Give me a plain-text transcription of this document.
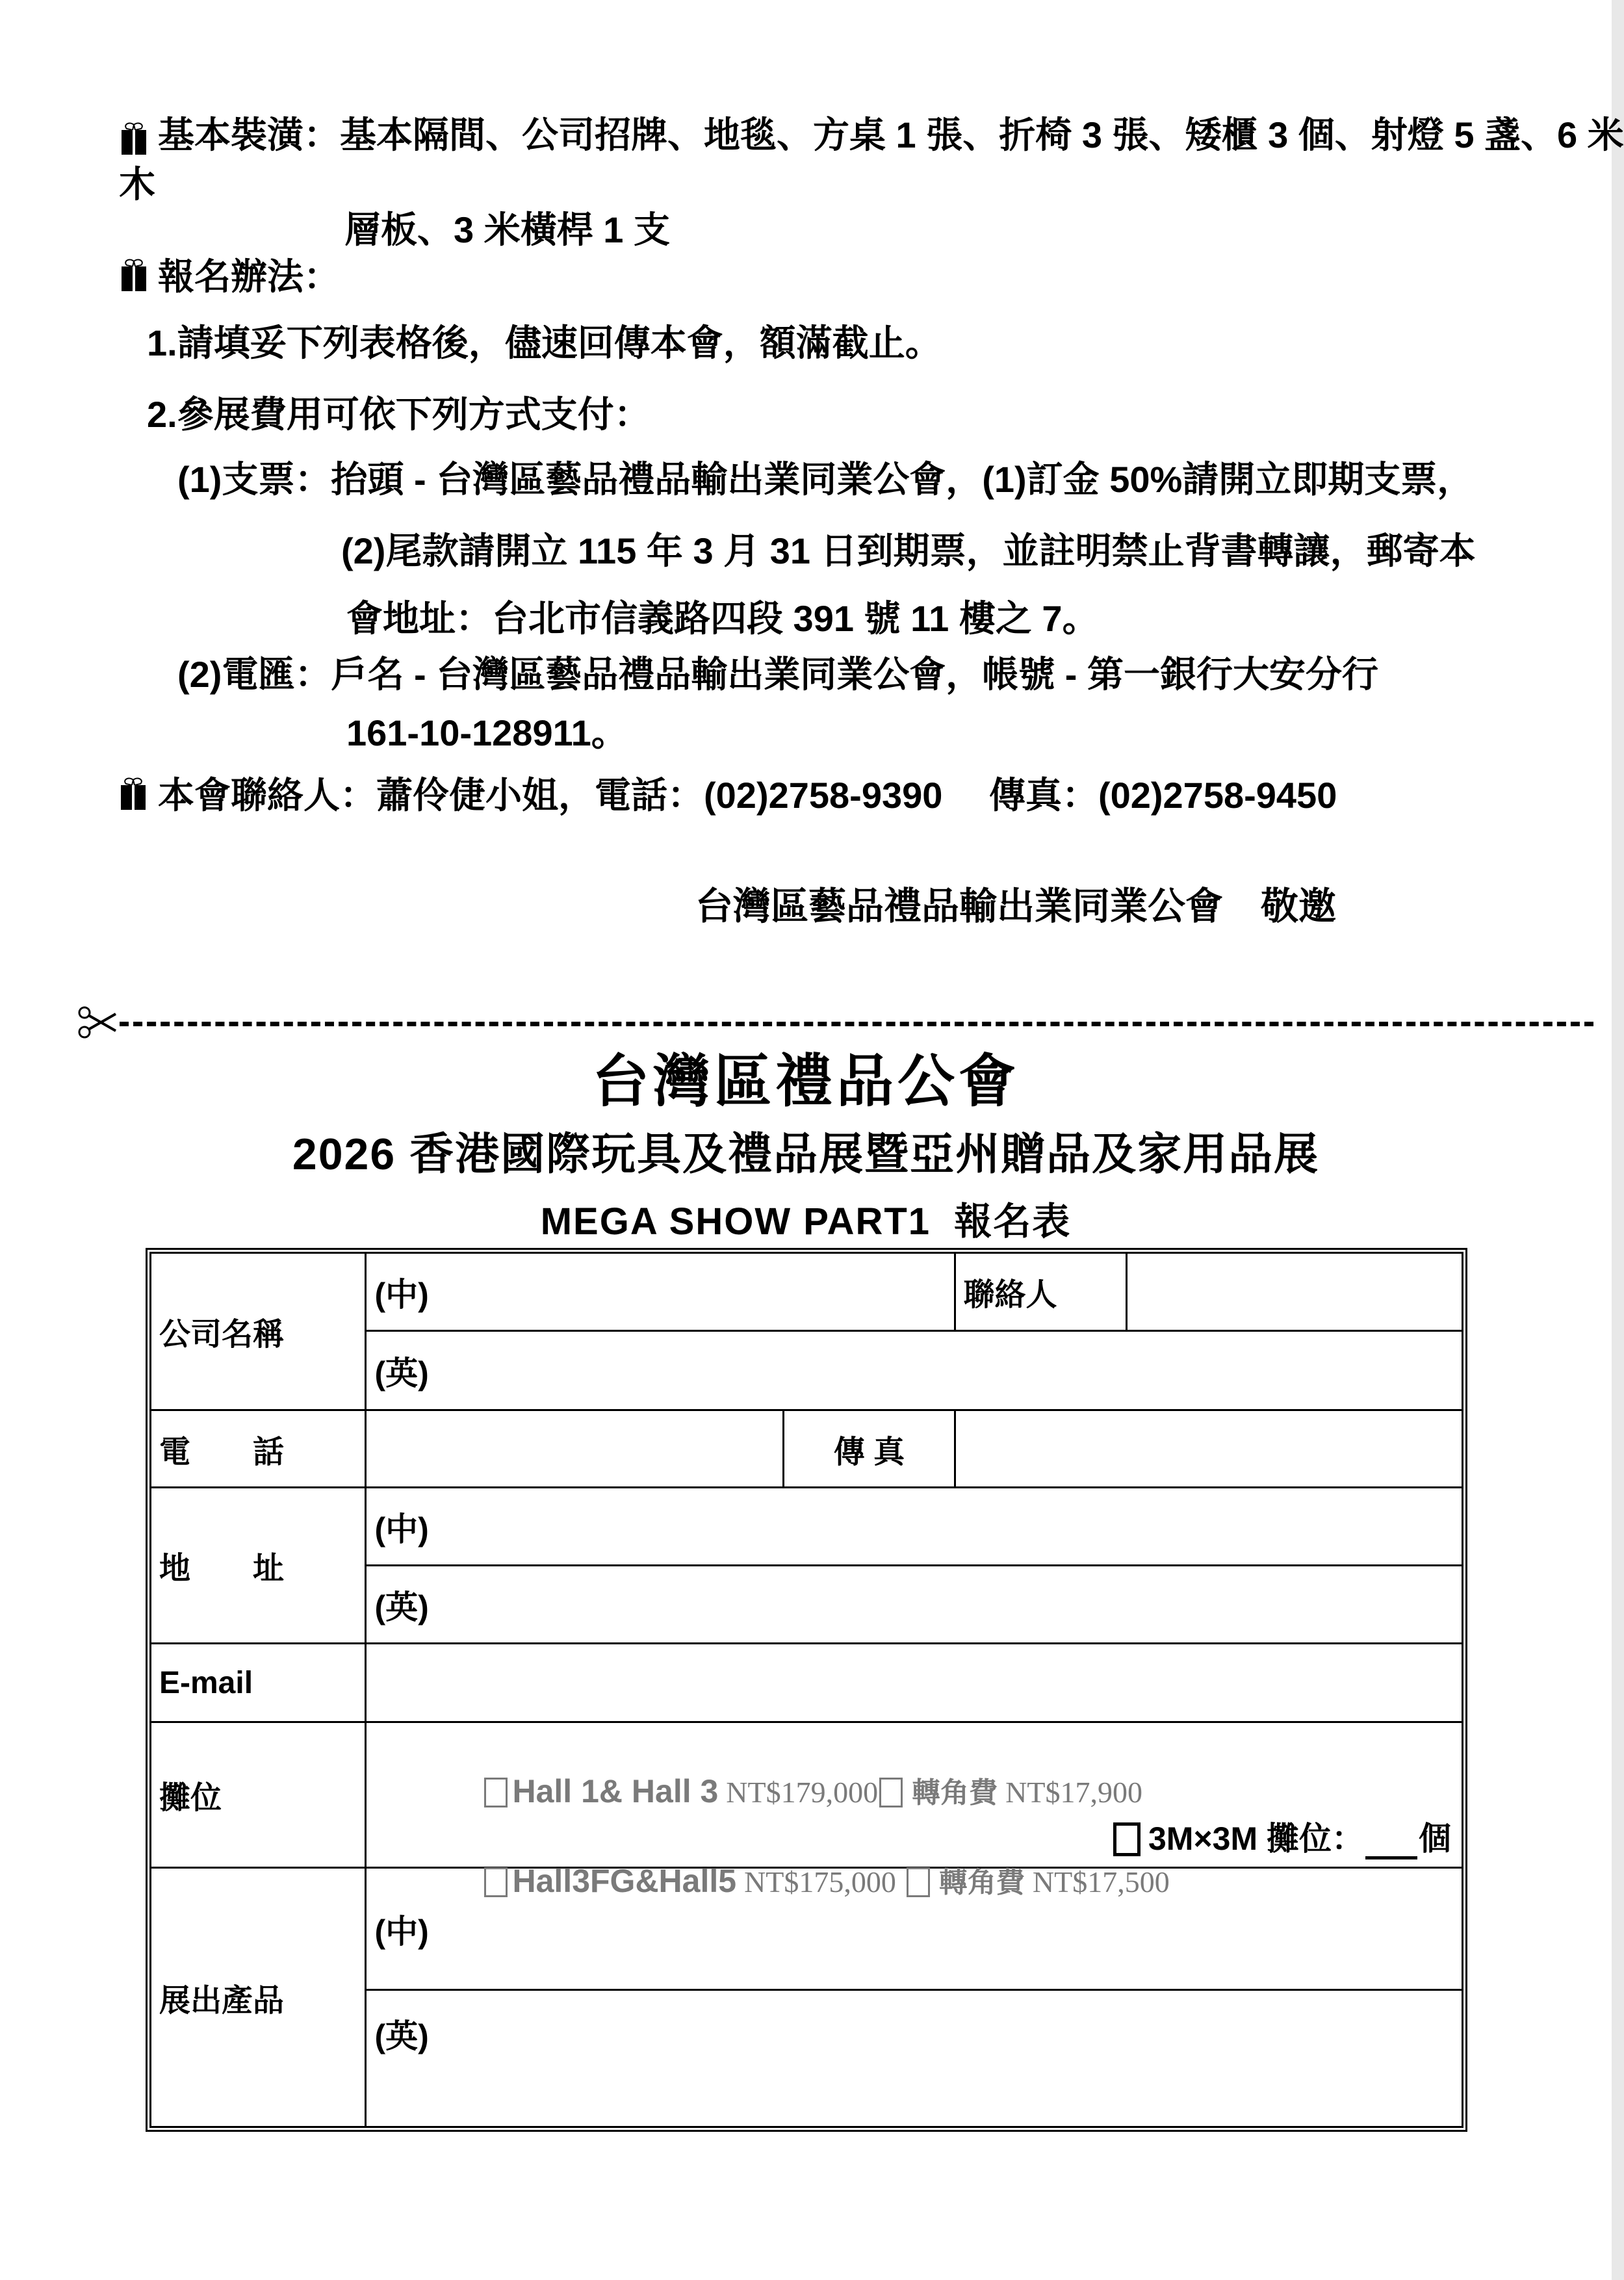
基本裝潢：基本隔間、公司招牌、地毯、方桌 1 張、折椅 3 張、矮櫃 3 個、射燈 5 盞、6 米
木
層板、3 米橫桿 1 支
報名辦法：
1.請填妥下列表格後，儘速回傳本會，額滿截止。
2.參展費用可依下列方式支付：
(1)支票：抬頭 - 台灣區藝品禮品輸出業同業公會，(1)訂金 50%請開立即期支票，
(2)尾款請開立 115 年 3 月 31 日到期票，並註明禁止背書轉讓，郵寄本
會地址：台北市信義路四段 391 號 11 樓之 7。
(2)電匯：戶名 - 台灣區藝品禮品輸出業同業公會，帳號 - 第一銀行大安分行
161-10-128911。
本會聯絡人：蕭伶倢小姐，電話：(02)2758-9390　 傳真：(02)2758-9450
台灣區藝品禮品輸出業同業公會　敬邀
台灣區禮品公會
2026 香港國際玩具及禮品展暨亞州贈品及家用品展
MEGA SHOW PART1  報名表
公司名稱	(中)		聯絡人	
	(英)			
電　　話		傳 真		
地　　址	(中)			
	(英)			
E-mail				
攤位	Hall 1& Hall 3 NT$179,000 轉角費 NT$17,900

3M×3M 攤位： 個

Hall3FG&Hall5 NT$175,000 轉角費 NT$17,500			

展出產品	(中)			
	(英)			
